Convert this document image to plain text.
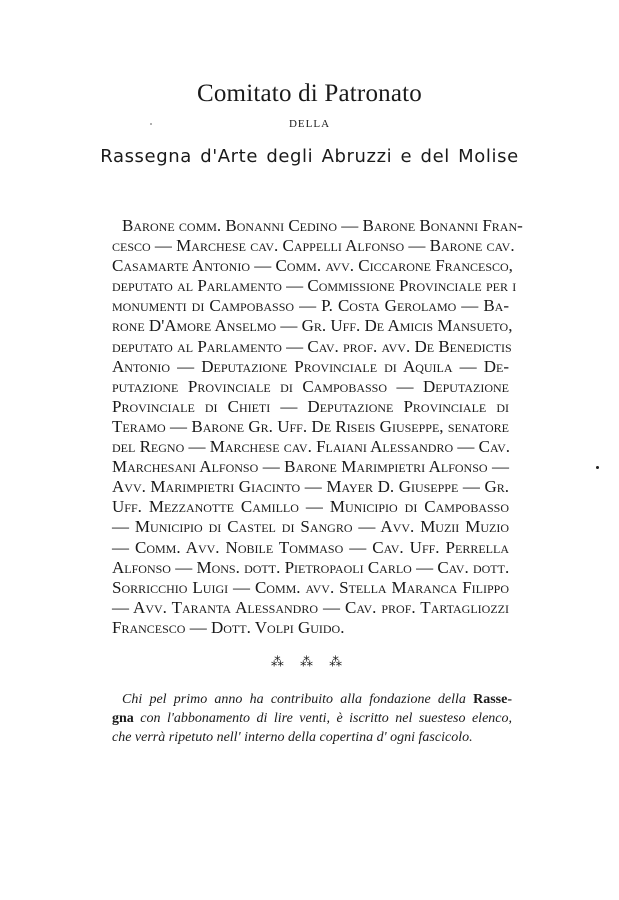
Comitato di Patronato
DELLA
Rassegna d'Arte degli Abruzzi e del Molise
Barone comm. Bonanni Cedino — Barone Bonanni Fran-
cesco — Marchese cav. Cappelli Alfonso — Barone cav.
Casamarte Antonio — Comm. avv. Ciccarone Francesco,
deputato al Parlamento — Commissione Provinciale per i
monumenti di Campobasso — P. Costa Gerolamo — Ba-
rone D'Amore Anselmo — Gr. Uff. De Amicis Mansueto,
deputato al Parlamento — Cav. prof. avv. De Benedictis
Antonio — Deputazione Provinciale di Aquila — De-
putazione Provinciale di Campobasso — Deputazione
Provinciale di Chieti — Deputazione Provinciale di
Teramo — Barone Gr. Uff. De Riseis Giuseppe, senatore
del Regno — Marchese cav. Flaiani Alessandro — Cav.
Marchesani Alfonso — Barone Marimpietri Alfonso —
Avv. Marimpietri Giacinto — Mayer D. Giuseppe — Gr.
Uff. Mezzanotte Camillo — Municipio di Campobasso
— Municipio di Castel di Sangro — Avv. Muzii Muzio
— Comm. Avv. Nobile Tommaso — Cav. Uff. Perrella
Alfonso — Mons. dott. Pietropaoli Carlo — Cav. dott.
Sorricchio Luigi — Comm. avv. Stella Maranca Filippo
— Avv. Taranta Alessandro — Cav. prof. Tartagliozzi
Francesco — Dott. Volpi Guido.
⁂ ⁂ ⁂
Chi pel primo anno ha contribuito alla fondazione della Rasse-
gna con l'abbonamento di lire venti, è iscritto nel suesteso elenco,
che verrà ripetuto nell' interno della copertina d' ogni fascicolo.
